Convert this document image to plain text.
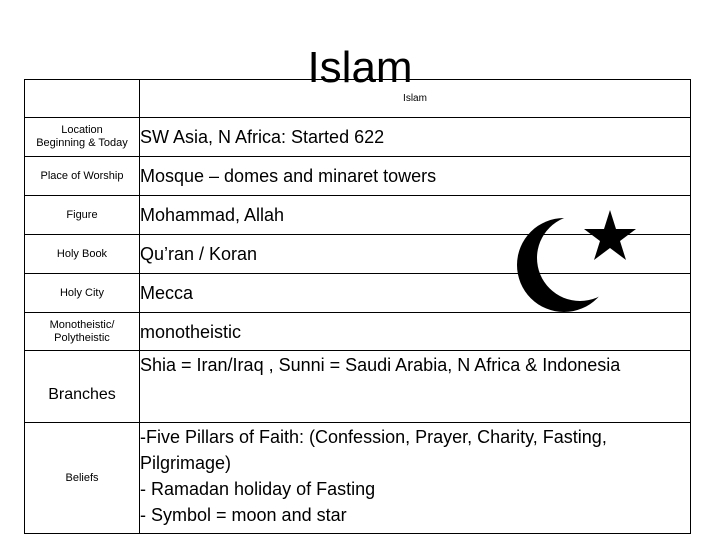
Islam
	Islam
Location
Beginning & Today	SW Asia, N Africa: Started 622
Place of Worship	Mosque – domes and minaret towers
Figure	Mohammad, Allah
Holy Book	Qu’ran / Koran
Holy City	Mecca
Monotheistic/
Polytheistic	monotheistic
Branches	Shia = Iran/Iraq , Sunni = Saudi Arabia, N Africa & Indonesia
Beliefs	-Five Pillars of Faith: (Confession, Prayer, Charity, Fasting, Pilgrimage)
- Ramadan holiday of Fasting
- Symbol = moon and star
